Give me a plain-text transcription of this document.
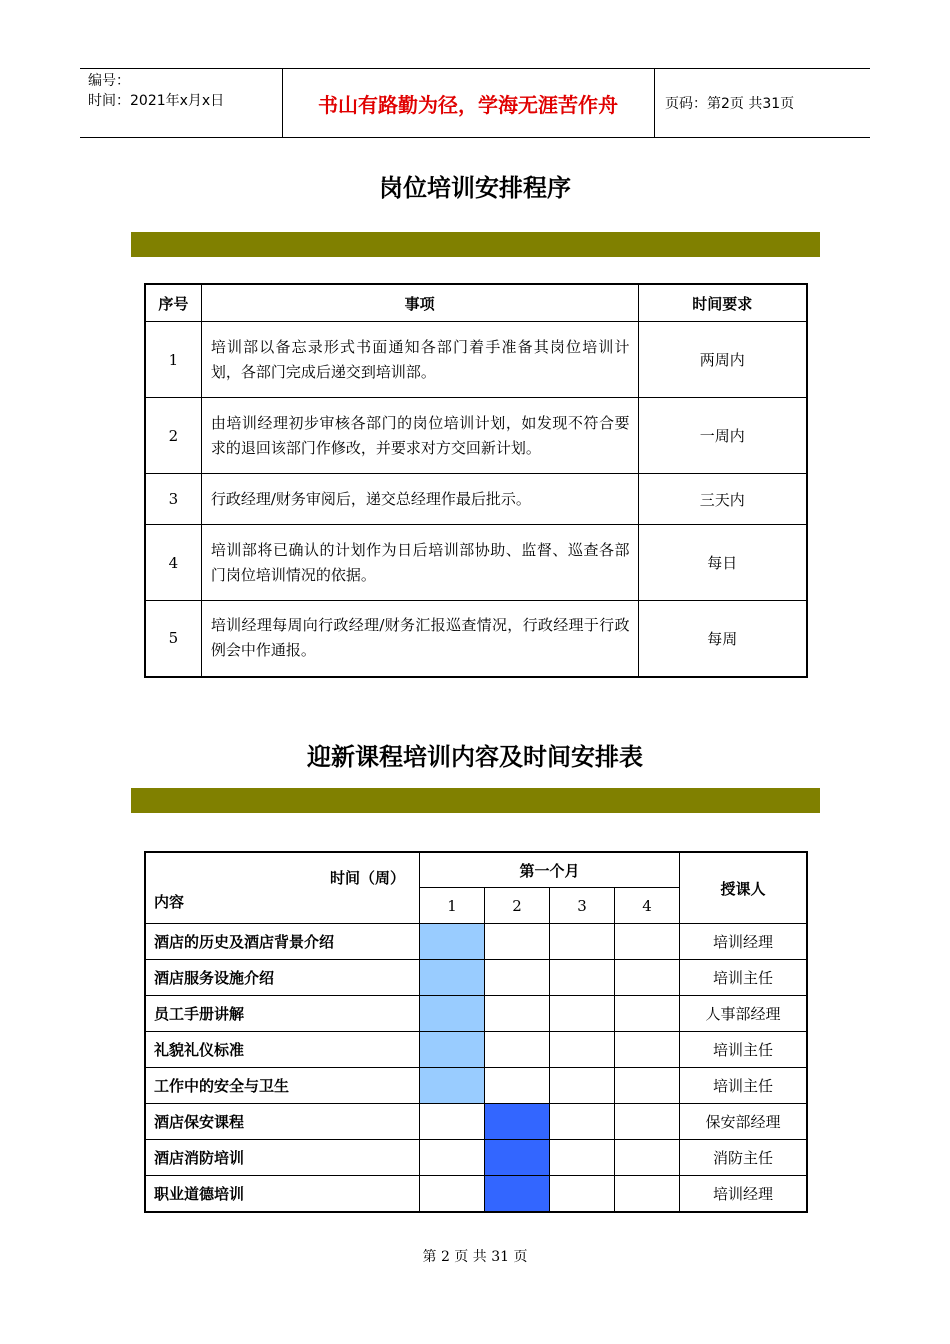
编号：
时间：2021年x月x日	书山有路勤为径，学海无涯苦作舟	页码：第2页 共31页
岗位培训安排程序
序号	事项	时间要求
1	培训部以备忘录形式书面通知各部门着手准备其岗位培训计划，各部门完成后递交到培训部。	两周内
2	由培训经理初步审核各部门的岗位培训计划，如发现不符合要求的退回该部门作修改，并要求对方交回新计划。	一周内
3	行政经理/财务审阅后，递交总经理作最后批示。	三天内
4	培训部将已确认的计划作为日后培训部协助、监督、巡查各部门岗位培训情况的依据。	每日
5	培训经理每周向行政经理/财务汇报巡查情况，行政经理于行政例会中作通报。	每周
迎新课程培训内容及时间安排表
时间（周）
内容	第一个月				授课人
	1	2	3	4	
酒店的历史及酒店背景介绍					培训经理
酒店服务设施介绍					培训主任
员工手册讲解					人事部经理
礼貌礼仪标准					培训主任
工作中的安全与卫生					培训主任
酒店保安课程					保安部经理
酒店消防培训					消防主任
职业道德培训					培训经理
第 2 页 共 31 页
